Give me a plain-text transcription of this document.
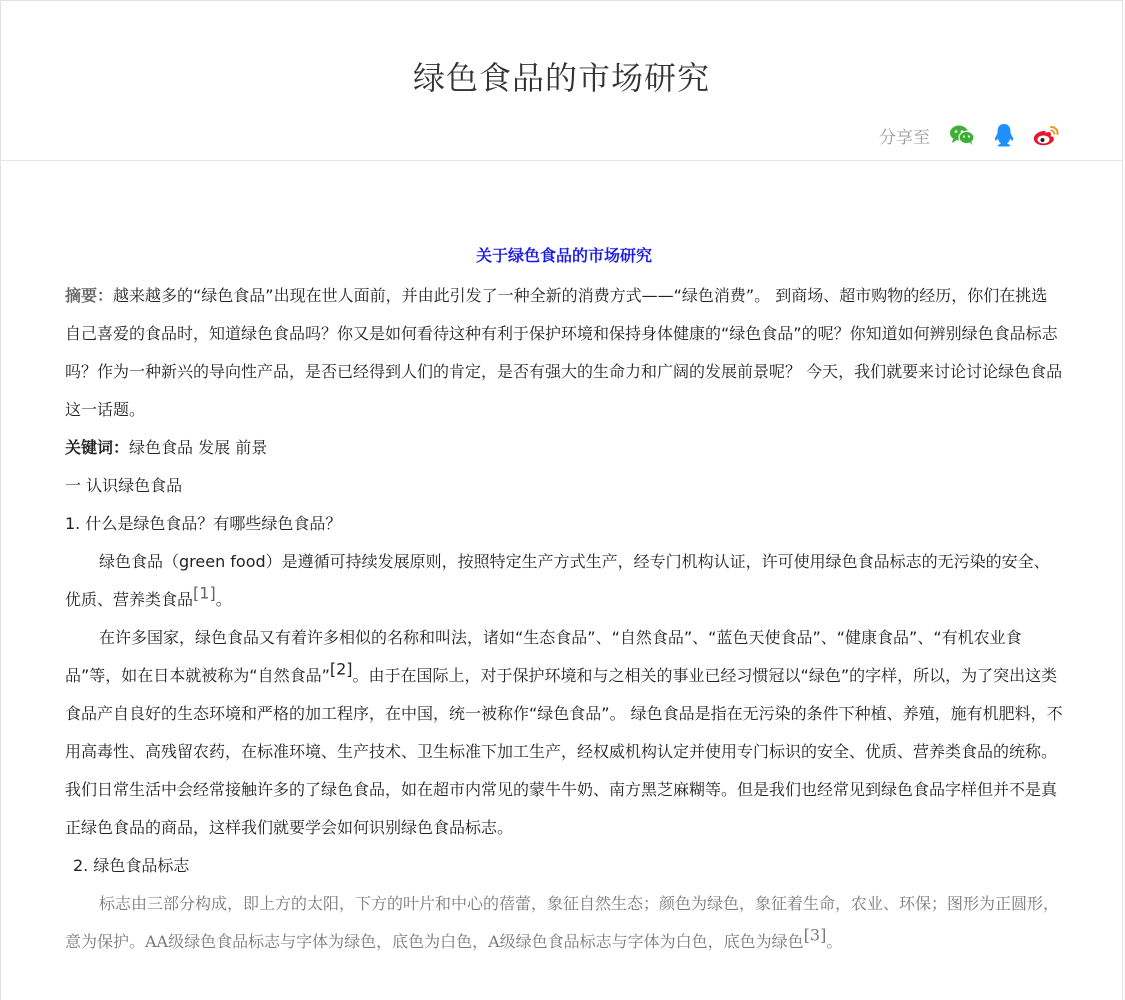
绿色食品的市场研究
分享至
关于绿色食品的市场研究

摘要：越来越多的“绿色食品”出现在世人面前，并由此引发了一种全新的消费方式——“绿色消费”。 到商场、超市购物的经历，你们在挑选自己喜爱的食品时，知道绿色食品吗？你又是如何看待这种有利于保护环境和保持身体健康的“绿色食品”的呢？你知道如何辨别绿色食品标志吗？作为一种新兴的导向性产品，是否已经得到人们的肯定，是否有强大的生命力和广阔的发展前景呢？ 今天，我们就要来讨论讨论绿色食品这一话题。

关键词：绿色食品 发展 前景

一 认识绿色食品

1. 什么是绿色食品？有哪些绿色食品？

绿色食品（green food）是遵循可持续发展原则，按照特定生产方式生产，经专门机构认证，许可使用绿色食品标志的无污染的安全、优质、营养类食品[1]。

在许多国家，绿色食品又有着许多相似的名称和叫法，诸如“生态食品”、“自然食品”、“蓝色天使食品”、“健康食品”、“有机农业食品”等，如在日本就被称为“自然食品”[2]。由于在国际上，对于保护环境和与之相关的事业已经习惯冠以“绿色”的字样，所以，为了突出这类食品产自良好的生态环境和严格的加工程序，在中国，统一被称作“绿色食品”。 绿色食品是指在无污染的条件下种植、养殖，施有机肥料，不用高毒性、高残留农药，在标准环境、生产技术、卫生标准下加工生产，经权威机构认定并使用专门标识的安全、优质、营养类食品的统称。

我们日常生活中会经常接触许多的了绿色食品，如在超市内常见的蒙牛牛奶、南方黑芝麻糊等。但是我们也经常见到绿色食品字样但并不是真正绿色食品的商品，这样我们就要学会如何识别绿色食品标志。

2. 绿色食品标志

标志由三部分构成，即上方的太阳，下方的叶片和中心的蓓蕾，象征自然生态；颜色为绿色，象征着生命，农业、环保；图形为正圆形，意为保护。AA级绿色食品标志与字体为绿色，底色为白色，A级绿色食品标志与字体为白色，底色为绿色[3]。
